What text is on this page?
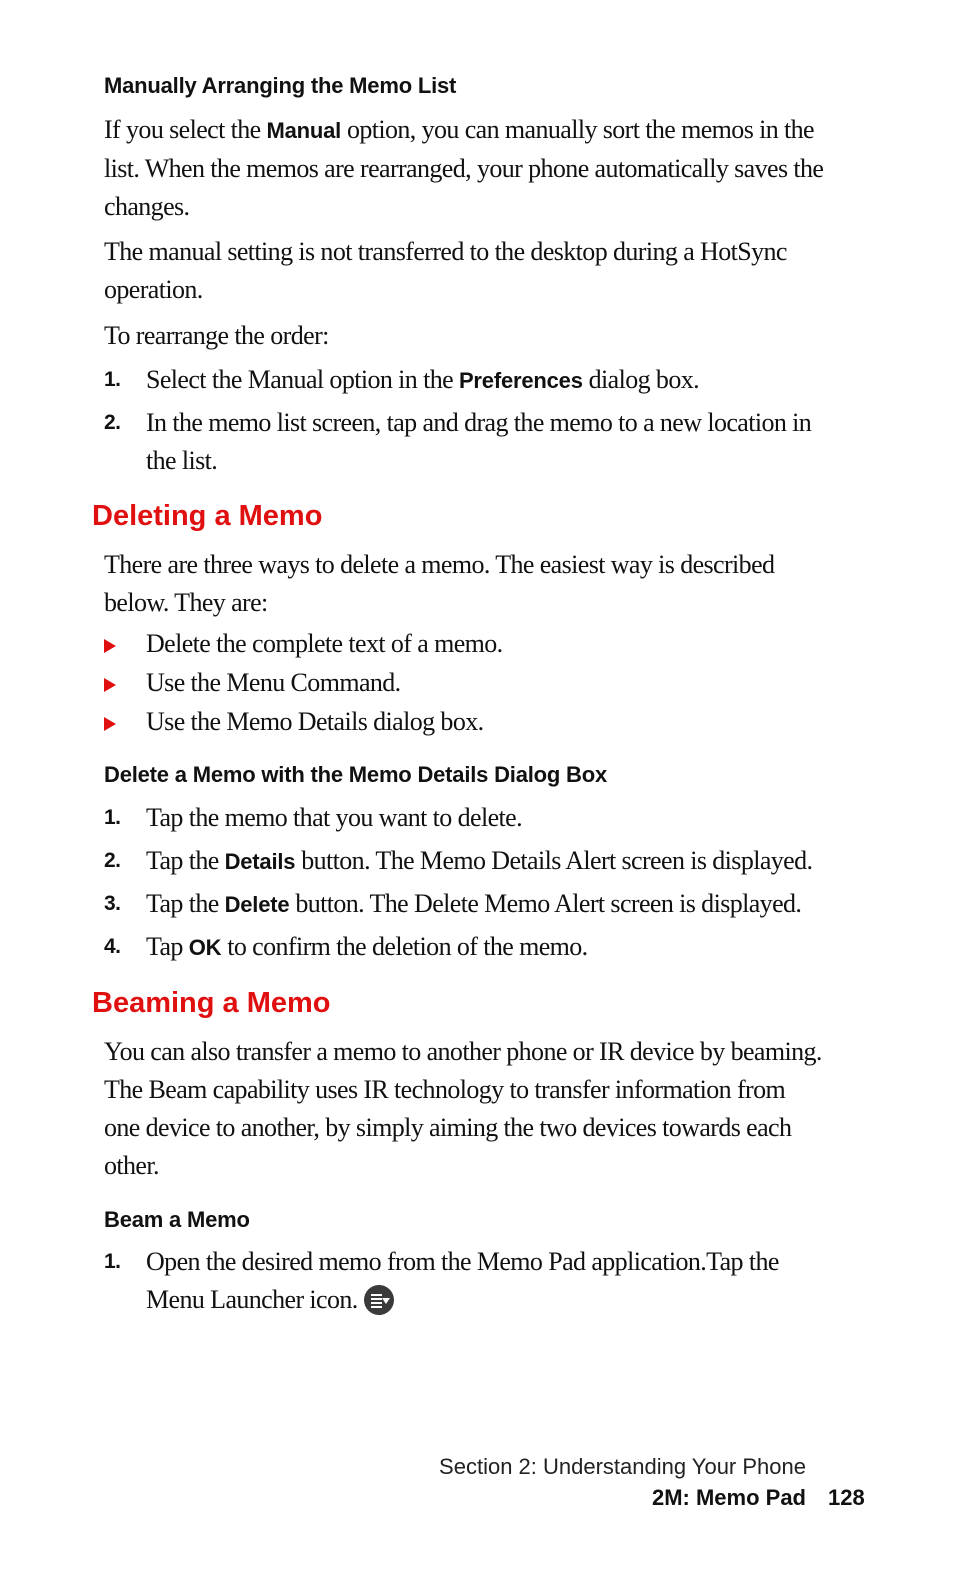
Manually Arranging the Memo List
If you select the Manual option, you can manually sort the memos in the list. When the memos are rearranged, your phone automatically saves the changes.
The manual setting is not transferred to the desktop during a HotSync operation.
To rearrange the order:
1. Select the Manual option in the Preferences dialog box.
2. In the memo list screen, tap and drag the memo to a new location in the list.
Deleting a Memo
There are three ways to delete a memo. The easiest way is described below. They are:
Delete the complete text of a memo.
Use the Menu Command.
Use the Memo Details dialog box.
Delete a Memo with the Memo Details Dialog Box
1. Tap the memo that you want to delete.
2. Tap the Details button. The Memo Details Alert screen is displayed.
3. Tap the Delete button. The Delete Memo Alert screen is displayed.
4. Tap OK to confirm the deletion of the memo.
Beaming a Memo
You can also transfer a memo to another phone or IR device by beaming. The Beam capability uses IR technology to transfer information from one device to another, by simply aiming the two devices towards each other.
Beam a Memo
1. Open the desired memo from the Memo Pad application.Tap the Menu Launcher icon.
Section 2: Understanding Your Phone
2M: Memo Pad 128
